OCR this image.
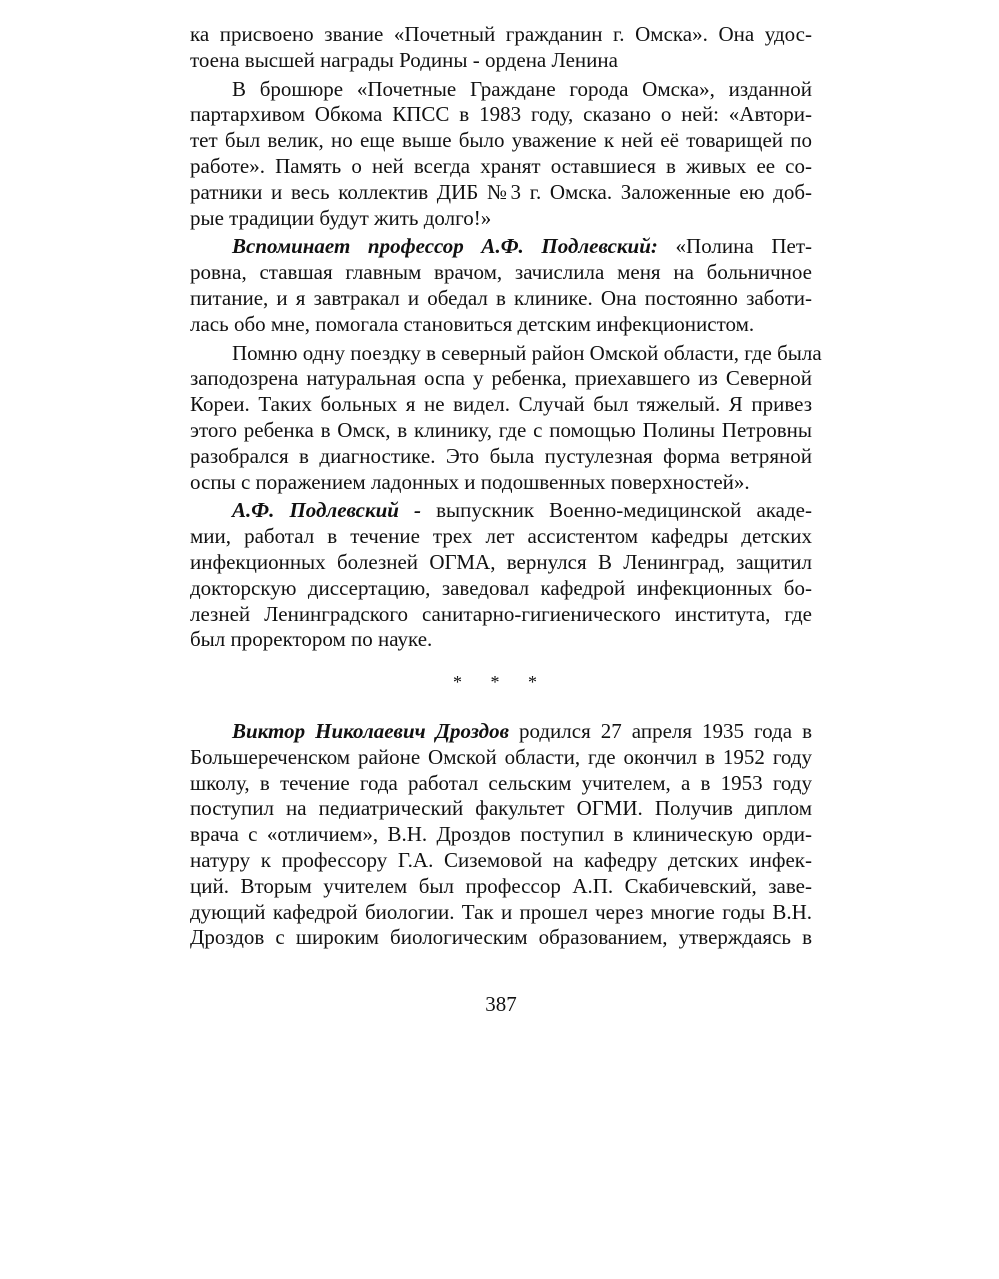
ка присвоено звание «Почетный гражданин г. Омска». Она удос-
тоена высшей награды Родины - ордена Ленина
В брошюре «Почетные Граждане города Омска», изданной
партархивом Обкома КПСС в 1983 году, сказано о ней: «Автори-
тет был велик, но еще выше было уважение к ней её товарищей по
работе». Память о ней всегда хранят оставшиеся в живых ее со-
ратники и весь коллектив ДИБ №3 г. Омска. Заложенные ею доб-
рые традиции будут жить долго!»
Вспоминает профессор А.Ф. Подлевский: «Полина Пет-
ровна, ставшая главным врачом, зачислила меня на больничное
питание, и я завтракал и обедал в клинике. Она постоянно заботи-
лась обо мне, помогала становиться детским инфекционистом.
Помню одну поездку в северный район Омской области, где была
заподозрена натуральная оспа у ребенка, приехавшего из Северной
Кореи. Таких больных я не видел. Случай был тяжелый. Я привез
этого ребенка в Омск, в клинику, где с помощью Полины Петровны
разобрался в диагностике. Это была пустулезная форма ветряной
оспы с поражением ладонных и подошвенных поверхностей».
А.Ф. Подлевский - выпускник Военно-медицинской акаде-
мии, работал в течение трех лет ассистентом кафедры детских
инфекционных болезней ОГМА, вернулся В Ленинград, защитил
докторскую диссертацию, заведовал кафедрой инфекционных бо-
лезней Ленинградского санитарно-гигиенического института, где
был проректором по науке.
* * *
Виктор Николаевич Дроздов родился 27 апреля 1935 года в
Большереченском районе Омской области, где окончил в 1952 году
школу, в течение года работал сельским учителем, а в 1953 году
поступил на педиатрический факультет ОГМИ. Получив диплом
врача с «отличием», В.Н. Дроздов поступил в клиническую орди-
натуру к профессору Г.А. Сиземовой на кафедру детских инфек-
ций. Вторым учителем был профессор А.П. Скабичевский, заве-
дующий кафедрой биологии. Так и прошел через многие годы В.Н.
Дроздов с широким биологическим образованием, утверждаясь в
387
